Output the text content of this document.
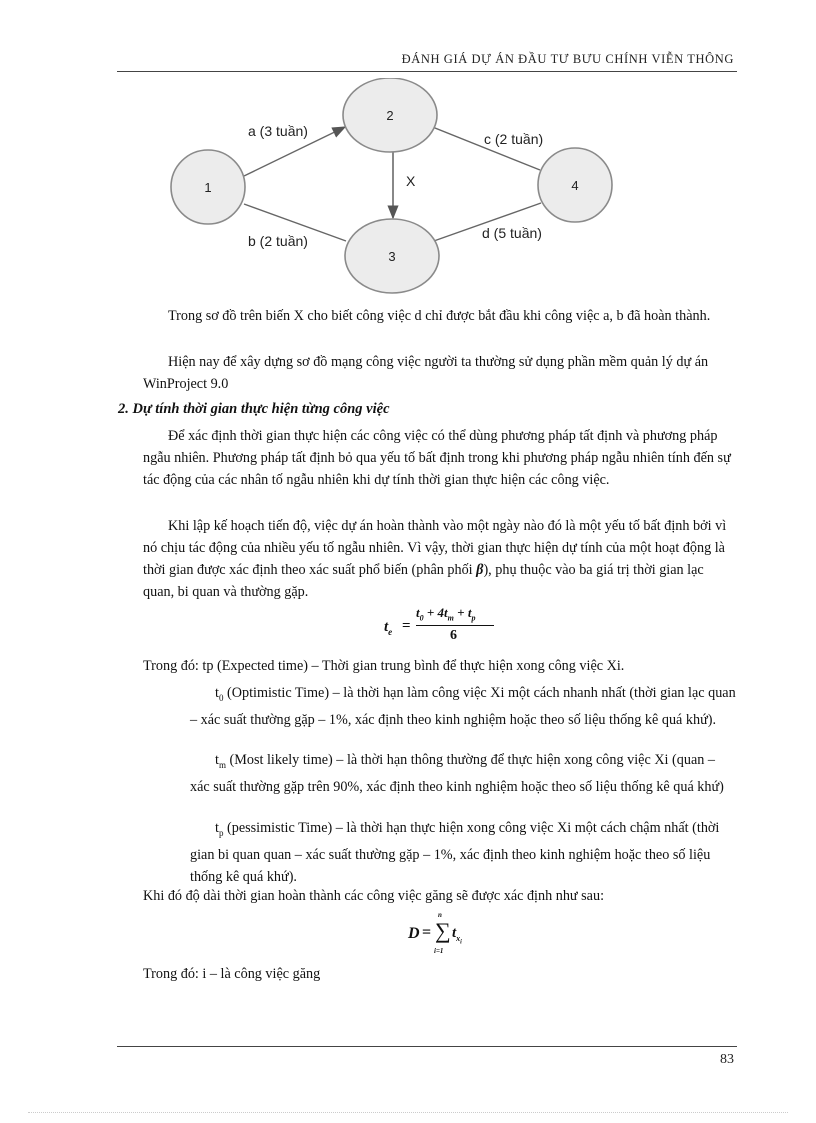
ĐÁNH GIÁ DỰ ÁN ĐẦU TƯ BƯU CHÍNH VIỄN THÔNG
1
2
3
4
a (3 tuần)
b (2 tuần)
c (2 tuần)
d (5 tuần)
X

Trong sơ đồ trên biến X cho biết công việc d chỉ được bắt đầu khi công việc a, b đã hoàn thành.

Hiện nay để xây dựng sơ đồ mạng công việc người ta thường sử dụng phần mềm quản lý dự án WinProject 9.0

2. Dự tính thời gian thực hiện từng công việc

Để xác định thời gian thực hiện các công việc có thể dùng phương pháp tất định và phương pháp ngẫu nhiên. Phương pháp tất định bỏ qua yếu tố bất định trong khi phương pháp ngẫu nhiên tính đến sự tác động của các nhân tố ngẫu nhiên khi dự tính thời gian thực hiện các công việc.

Khi lập kế hoạch tiến độ, việc dự án hoàn thành vào một ngày nào đó là một yếu tố bất định bởi vì nó chịu tác động của nhiều yếu tố ngẫu nhiên. Vì vậy, thời gian thực hiện dự tính của một hoạt động là thời gian được xác định theo xác suất phổ biến (phân phối β), phụ thuộc vào ba giá trị thời gian lạc quan, bi quan và thường gặp.

$t_e$ =
$t_0 + 4t_m + t_p$
6

Trong đó: tp (Expected time) – Thời gian trung bình để thực hiện xong công việc Xi.

$t_0$ (Optimistic Time) – là thời hạn làm công việc Xi một cách nhanh nhất (thời gian lạc quan – xác suất thường gặp – 1%, xác định theo kinh nghiệm hoặc theo số liệu thống kê quá khứ).

$t_m$ (Most likely time) – là thời hạn thông thường để thực hiện xong công việc Xi (quan – xác suất thường gặp trên 90%, xác định theo kinh nghiệm hoặc theo số liệu thống kê quá khứ)

$t_p$ (pessimistic Time) – là thời hạn thực hiện xong công việc Xi một cách chậm nhất (thời gian bi quan quan – xác suất thường gặp – 1%, xác định theo kinh nghiệm hoặc theo số liệu thống kê quá khứ).

Khi đó độ dài thời gian hoàn thành các công việc găng sẽ được xác định như sau:

D =
n
∑
i=1
$t_{x_i}$

Trong đó: i – là công việc găng

83
